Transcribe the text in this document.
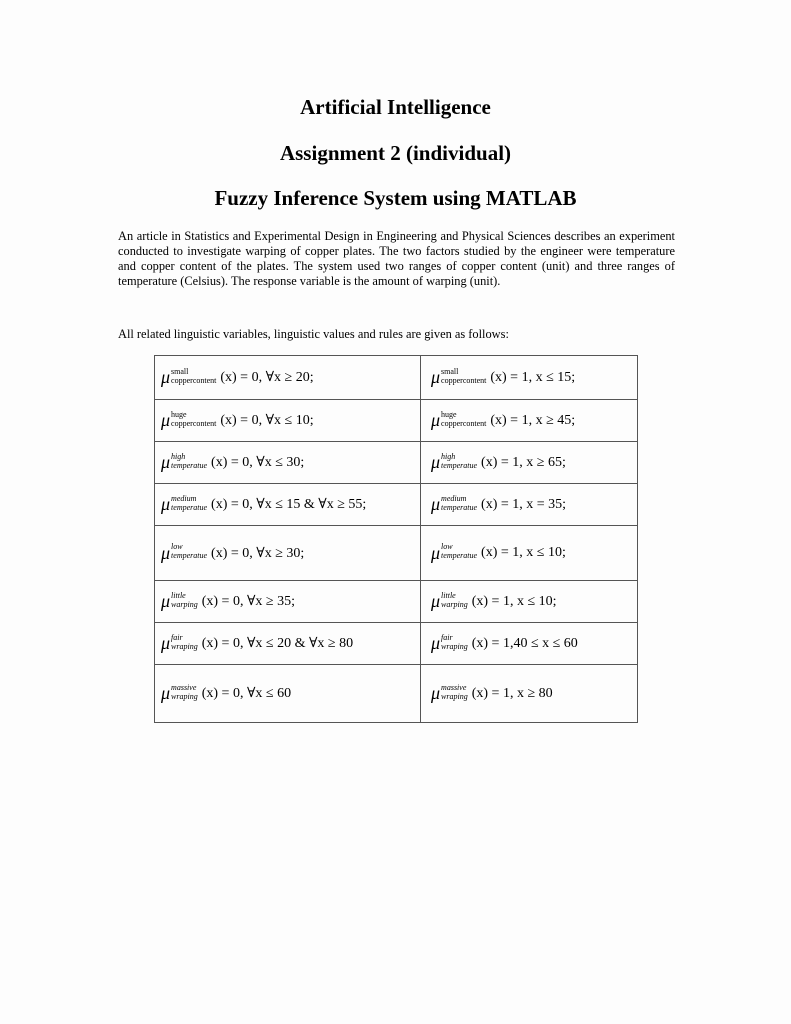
Artificial Intelligence
Assignment 2 (individual)
Fuzzy Inference System using MATLAB

An article in Statistics and Experimental Design in Engineering and Physical Sciences describes an experiment conducted to investigate warping of copper plates. The two factors studied by the engineer were temperature and copper content of the plates. The system used two ranges of copper content (unit) and three ranges of temperature (Celsius). The response variable is the amount of warping (unit).

All related linguistic variables, linguistic values and rules are given as follows:

μ small
coppercontent (x) = 0, ∀x ≥ 20;	μ small
coppercontent (x) = 1, x ≤ 15;

μ huge
coppercontent (x) = 0, ∀x ≤ 10;	μ huge
coppercontent (x) = 1, x ≥ 45;

μ high
temperatue (x) = 0, ∀x ≤ 30;	μ high
temperatue (x) = 1, x ≥ 65;

μ medium
temperatue (x) = 0, ∀x ≤ 15 & ∀x ≥ 55;	μ medium
temperatue (x) = 1, x = 35;

μ low
temperatue (x) = 0, ∀x ≥ 30;	μ low
temperatue (x) = 1, x ≤ 10;

μ little
warping (x) = 0, ∀x ≥ 35;	μ little
warping (x) = 1, x ≤ 10;

μ fair
wraping (x) = 0, ∀x ≤ 20 & ∀x ≥ 80	μ fair
wraping (x) = 1,40 ≤ x ≤ 60

μ massive
wraping (x) = 0, ∀x ≤ 60	μ massive
wraping (x) = 1, x ≥ 80
